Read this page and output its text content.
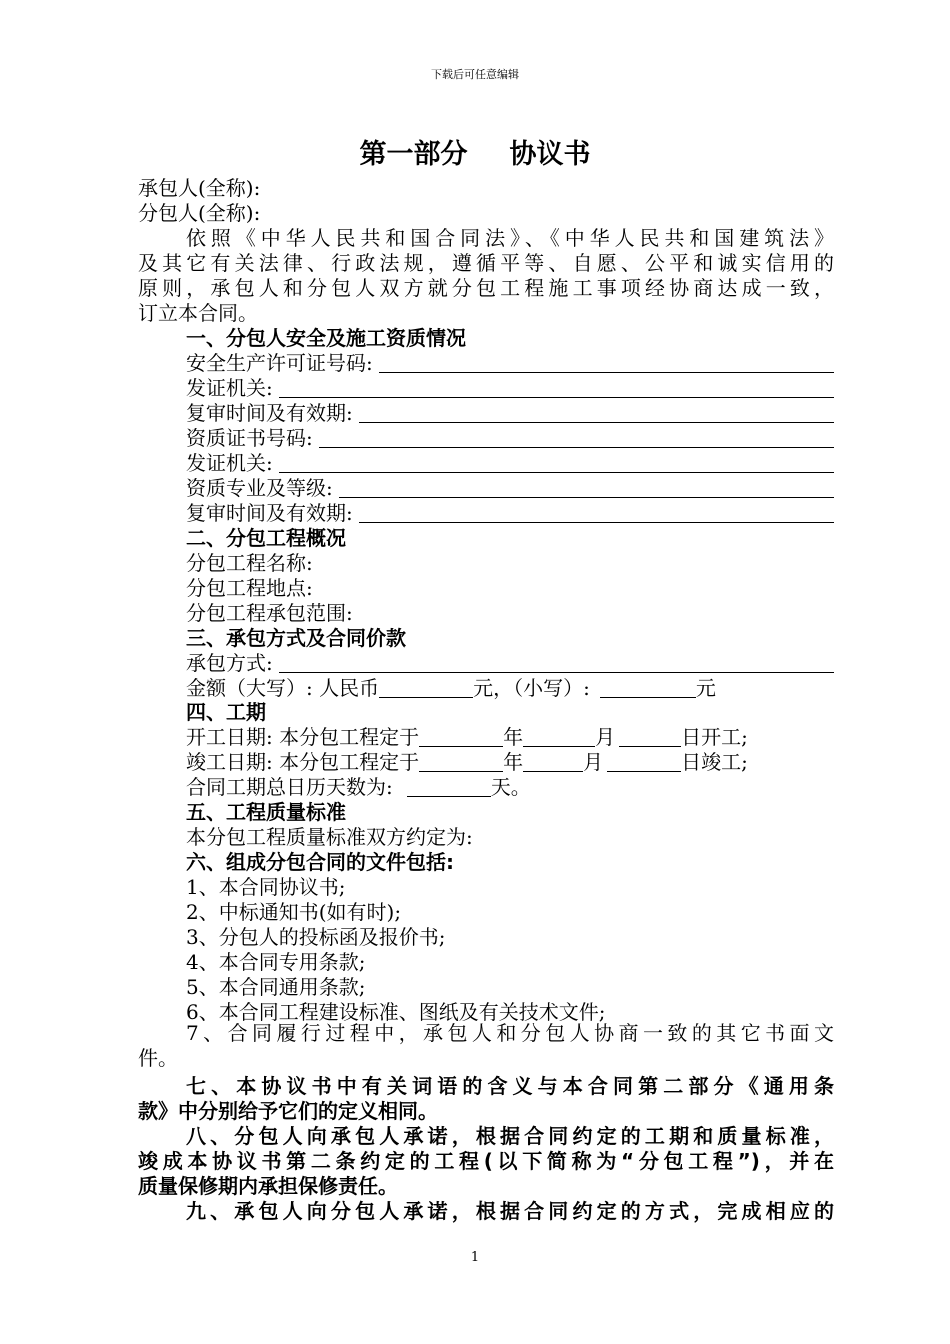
下载后可任意编辑
第一部分 协议书
承包人(全称):
分包人(全称):
依照《中华人民共和国合同法》、《中华人民共和国建筑法》
及其它有关法律、行政法规，遵循平等、自愿、公平和诚实信用的
原则，承包人和分包人双方就分包工程施工事项经协商达成一致，
订立本合同。
一、分包人安全及施工资质情况
安全生产许可证号码:
发证机关:
复审时间及有效期:
资质证书号码:
发证机关:
资质专业及等级:
复审时间及有效期:
二、分包工程概况
分包工程名称:
分包工程地点:
分包工程承包范围:
三、承包方式及合同价款
承包方式:
金额（大写）: 人民币	元，（小写）:	元
四、工期
开工日期: 本分包工程定于	年	月	日开工;
竣工日期: 本分包工程定于	年	月	日竣工;
合同工期总日历天数为:	天。
五、工程质量标准
本分包工程质量标准双方约定为:
六、组成分包合同的文件包括:
1、本合同协议书;
2、中标通知书(如有时);
3、分包人的投标函及报价书;
4、本合同专用条款;
5、本合同通用条款;
6、本合同工程建设标准、图纸及有关技术文件;
7、合同履行过程中，承包人和分包人协商一致的其它书面文
件。
七、本协议书中有关词语的含义与本合同第二部分《通用条
款》中分别给予它们的定义相同。
八、分包人向承包人承诺，根据合同约定的工期和质量标准，
竣成本协议书第二条约定的工程(以下简称为“分包工程”)，并在
质量保修期内承担保修责任。
九、承包人向分包人承诺，根据合同约定的方式，完成相应的
1
